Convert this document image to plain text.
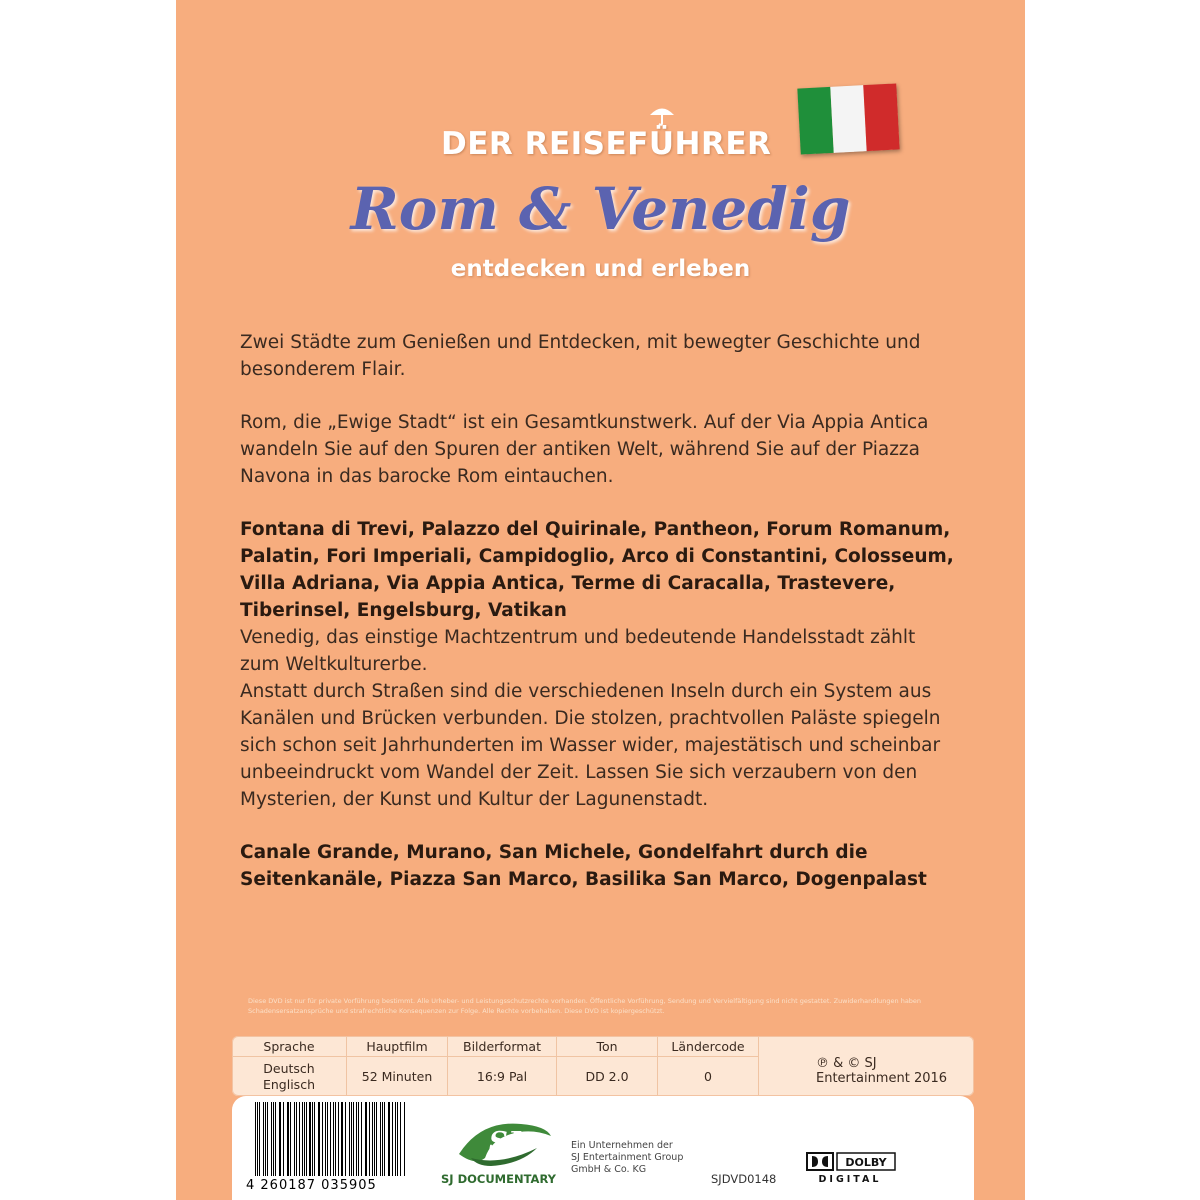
DER REISEFÜHRER
Rom & Venedig
entdecken und erleben

Zwei Städte zum Genießen und Entdecken, mit bewegter Geschichte und besonderem Flair.

Rom, die „Ewige Stadt“ ist ein Gesamtkunstwerk. Auf der Via Appia Antica wandeln Sie auf den Spuren der antiken Welt, während Sie auf der Piazza Navona in das barocke Rom eintauchen.

Fontana di Trevi, Palazzo del Quirinale, Pantheon, Forum Romanum, Palatin, Fori Imperiali, Campidoglio, Arco di Constantini, Colosseum, Villa Adriana, Via Appia Antica, Terme di Caracalla, Trastevere, Tiberinsel, Engelsburg, Vatikan

Venedig, das einstige Machtzentrum und bedeutende Handelsstadt zählt zum Weltkulturerbe.

Anstatt durch Straßen sind die verschiedenen Inseln durch ein System aus Kanälen und Brücken verbunden. Die stolzen, prachtvollen Paläste spiegeln sich schon seit Jahrhunderten im Wasser wider, majestätisch und scheinbar unbeeindruckt vom Wandel der Zeit. Lassen Sie sich verzaubern von den Mysterien, der Kunst und Kultur der Lagunenstadt.

Canale Grande, Murano, San Michele, Gondelfahrt durch die Seitenkanäle, Piazza San Marco, Basilika San Marco, Dogenpalast

Diese DVD ist nur für private Vorführung bestimmt. Alle Urheber- und Leistungsschutzrechte vorhanden. Öffentliche Vorführung, Sendung und Vervielfältigung sind nicht gestattet. Zuwiderhandlungen haben Schadensersatzansprüche und strafrechtliche Konsequenzen zur Folge. Alle Rechte vorbehalten. Diese DVD ist kopiergeschützt.

Sprache	Hauptfilm	Bilderformat	Ton	Ländercode

Deutsch
Englisch	52 Minuten	16:9 Pal	DD 2.0	0
℗ & © SJ Entertainment 2016
4 260187 035905
SJ
SJ DOCUMENTARY
Ein Unternehmen der
SJ Entertainment Group
GmbH & Co. KG
SJDVD0148
DOLBY
DIGITAL
